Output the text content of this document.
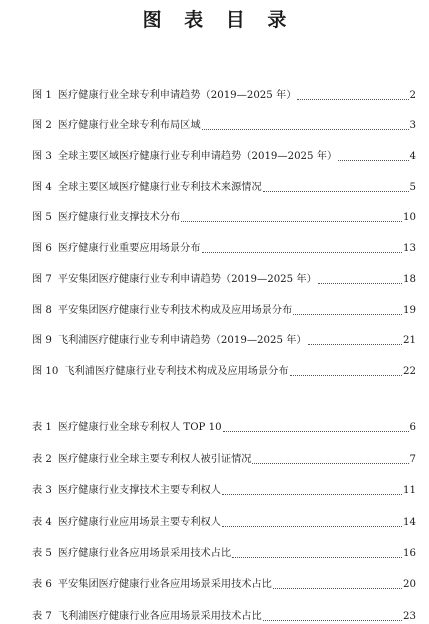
图 表 目 录
图 1 医疗健康行业全球专利申请趋势（2019—2025 年）	2
图 2 医疗健康行业全球专利布局区域	3
图 3 全球主要区域医疗健康行业专利申请趋势（2019—2025 年）	4
图 4 全球主要区域医疗健康行业专利技术来源情况	5
图 5 医疗健康行业支撑技术分布	10
图 6 医疗健康行业重要应用场景分布	13
图 7 平安集团医疗健康行业专利申请趋势（2019—2025 年）	18
图 8 平安集团医疗健康行业专利技术构成及应用场景分布	19
图 9 飞利浦医疗健康行业专利申请趋势（2019—2025 年）	21
图 10 飞利浦医疗健康行业专利技术构成及应用场景分布	22
表 1 医疗健康行业全球专利权人 TOP 10	6
表 2 医疗健康行业全球主要专利权人被引证情况	7
表 3 医疗健康行业支撑技术主要专利权人	11
表 4 医疗健康行业应用场景主要专利权人	14
表 5 医疗健康行业各应用场景采用技术占比	16
表 6 平安集团医疗健康行业各应用场景采用技术占比	20
表 7 飞利浦医疗健康行业各应用场景采用技术占比	23
